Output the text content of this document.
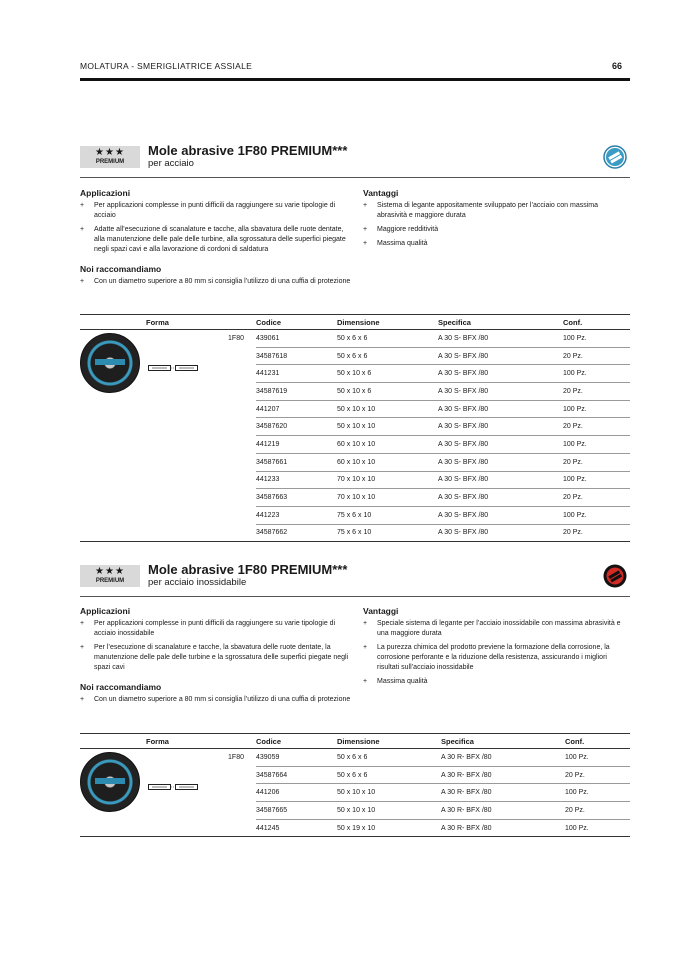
MOLATURA - SMERIGLIATRICE ASSIALE	66
★★★
PREMIUM
Mole abrasive 1F80 PREMIUM***
per acciaio
Applicazioni
+ Per applicazioni complesse in punti difficili da raggiungere su varie tipologie di acciaio
+ Adatte all’esecuzione di scanalature e tacche, alla sbavatura delle ruote dentate, alla manutenzione delle pale delle turbine, alla sgrossatura delle superfici piegate negli spazi cavi e alla lavorazione di cordoni di saldatura
Noi raccomandiamo
+ Con un diametro superiore a 80 mm si consiglia l’utilizzo di una cuffia di protezione
Vantaggi
+ Sistema di legante appositamente sviluppato per l’acciaio con massima abrasività e maggiore durata
+ Maggiore redditività
+ Massima qualità
	Forma	Codice	Dimensione	Specifica	Conf.
	1F80	439061	50 x 6 x 6	A 30 S- BFX /80	100 Pz.
		34587618	50 x 6 x 6	A 30 S- BFX /80	20 Pz.
		441231	50 x 10 x 6	A 30 S- BFX /80	100 Pz.
		34587619	50 x 10 x 6	A 30 S- BFX /80	20 Pz.
		441207	50 x 10 x 10	A 30 S- BFX /80	100 Pz.
		34587620	50 x 10 x 10	A 30 S- BFX /80	20 Pz.
		441219	60 x 10 x 10	A 30 S- BFX /80	100 Pz.
		34587661	60 x 10 x 10	A 30 S- BFX /80	20 Pz.
		441233	70 x 10 x 10	A 30 S- BFX /80	100 Pz.
		34587663	70 x 10 x 10	A 30 S- BFX /80	20 Pz.
		441223	75 x 6 x 10	A 30 S- BFX /80	100 Pz.
		34587662	75 x 6 x 10	A 30 S- BFX /80	20 Pz.
★★★
PREMIUM
Mole abrasive 1F80 PREMIUM***
per acciaio inossidabile
Applicazioni
+ Per applicazioni complesse in punti difficili da raggiungere su varie tipologie di acciaio inossidabile
+ Per l’esecuzione di scanalature e tacche, la sbavatura delle ruote dentate, la manutenzione delle pale delle turbine e la sgrossatura delle superfici piegate negli spazi cavi
Noi raccomandiamo
+ Con un diametro superiore a 80 mm si consiglia l’utilizzo di una cuffia di protezione
Vantaggi
+ Speciale sistema di legante per l’acciaio inossidabile con massima abrasività e una maggiore durata
+ La purezza chimica del prodotto previene la formazione della corrosione, la corrosione perforante e la riduzione della resistenza, assicurando i migliori risultati sull’acciaio inossidabile
+ Massima qualità
	Forma	Codice	Dimensione	Specifica	Conf.
	1F80	439059	50 x 6 x 6	A 30 R- BFX /80	100 Pz.
		34587664	50 x 6 x 6	A 30 R- BFX /80	20 Pz.
		441206	50 x 10 x 10	A 30 R- BFX /80	100 Pz.
		34587665	50 x 10 x 10	A 30 R- BFX /80	20 Pz.
		441245	50 x 19 x 10	A 30 R- BFX /80	100 Pz.
